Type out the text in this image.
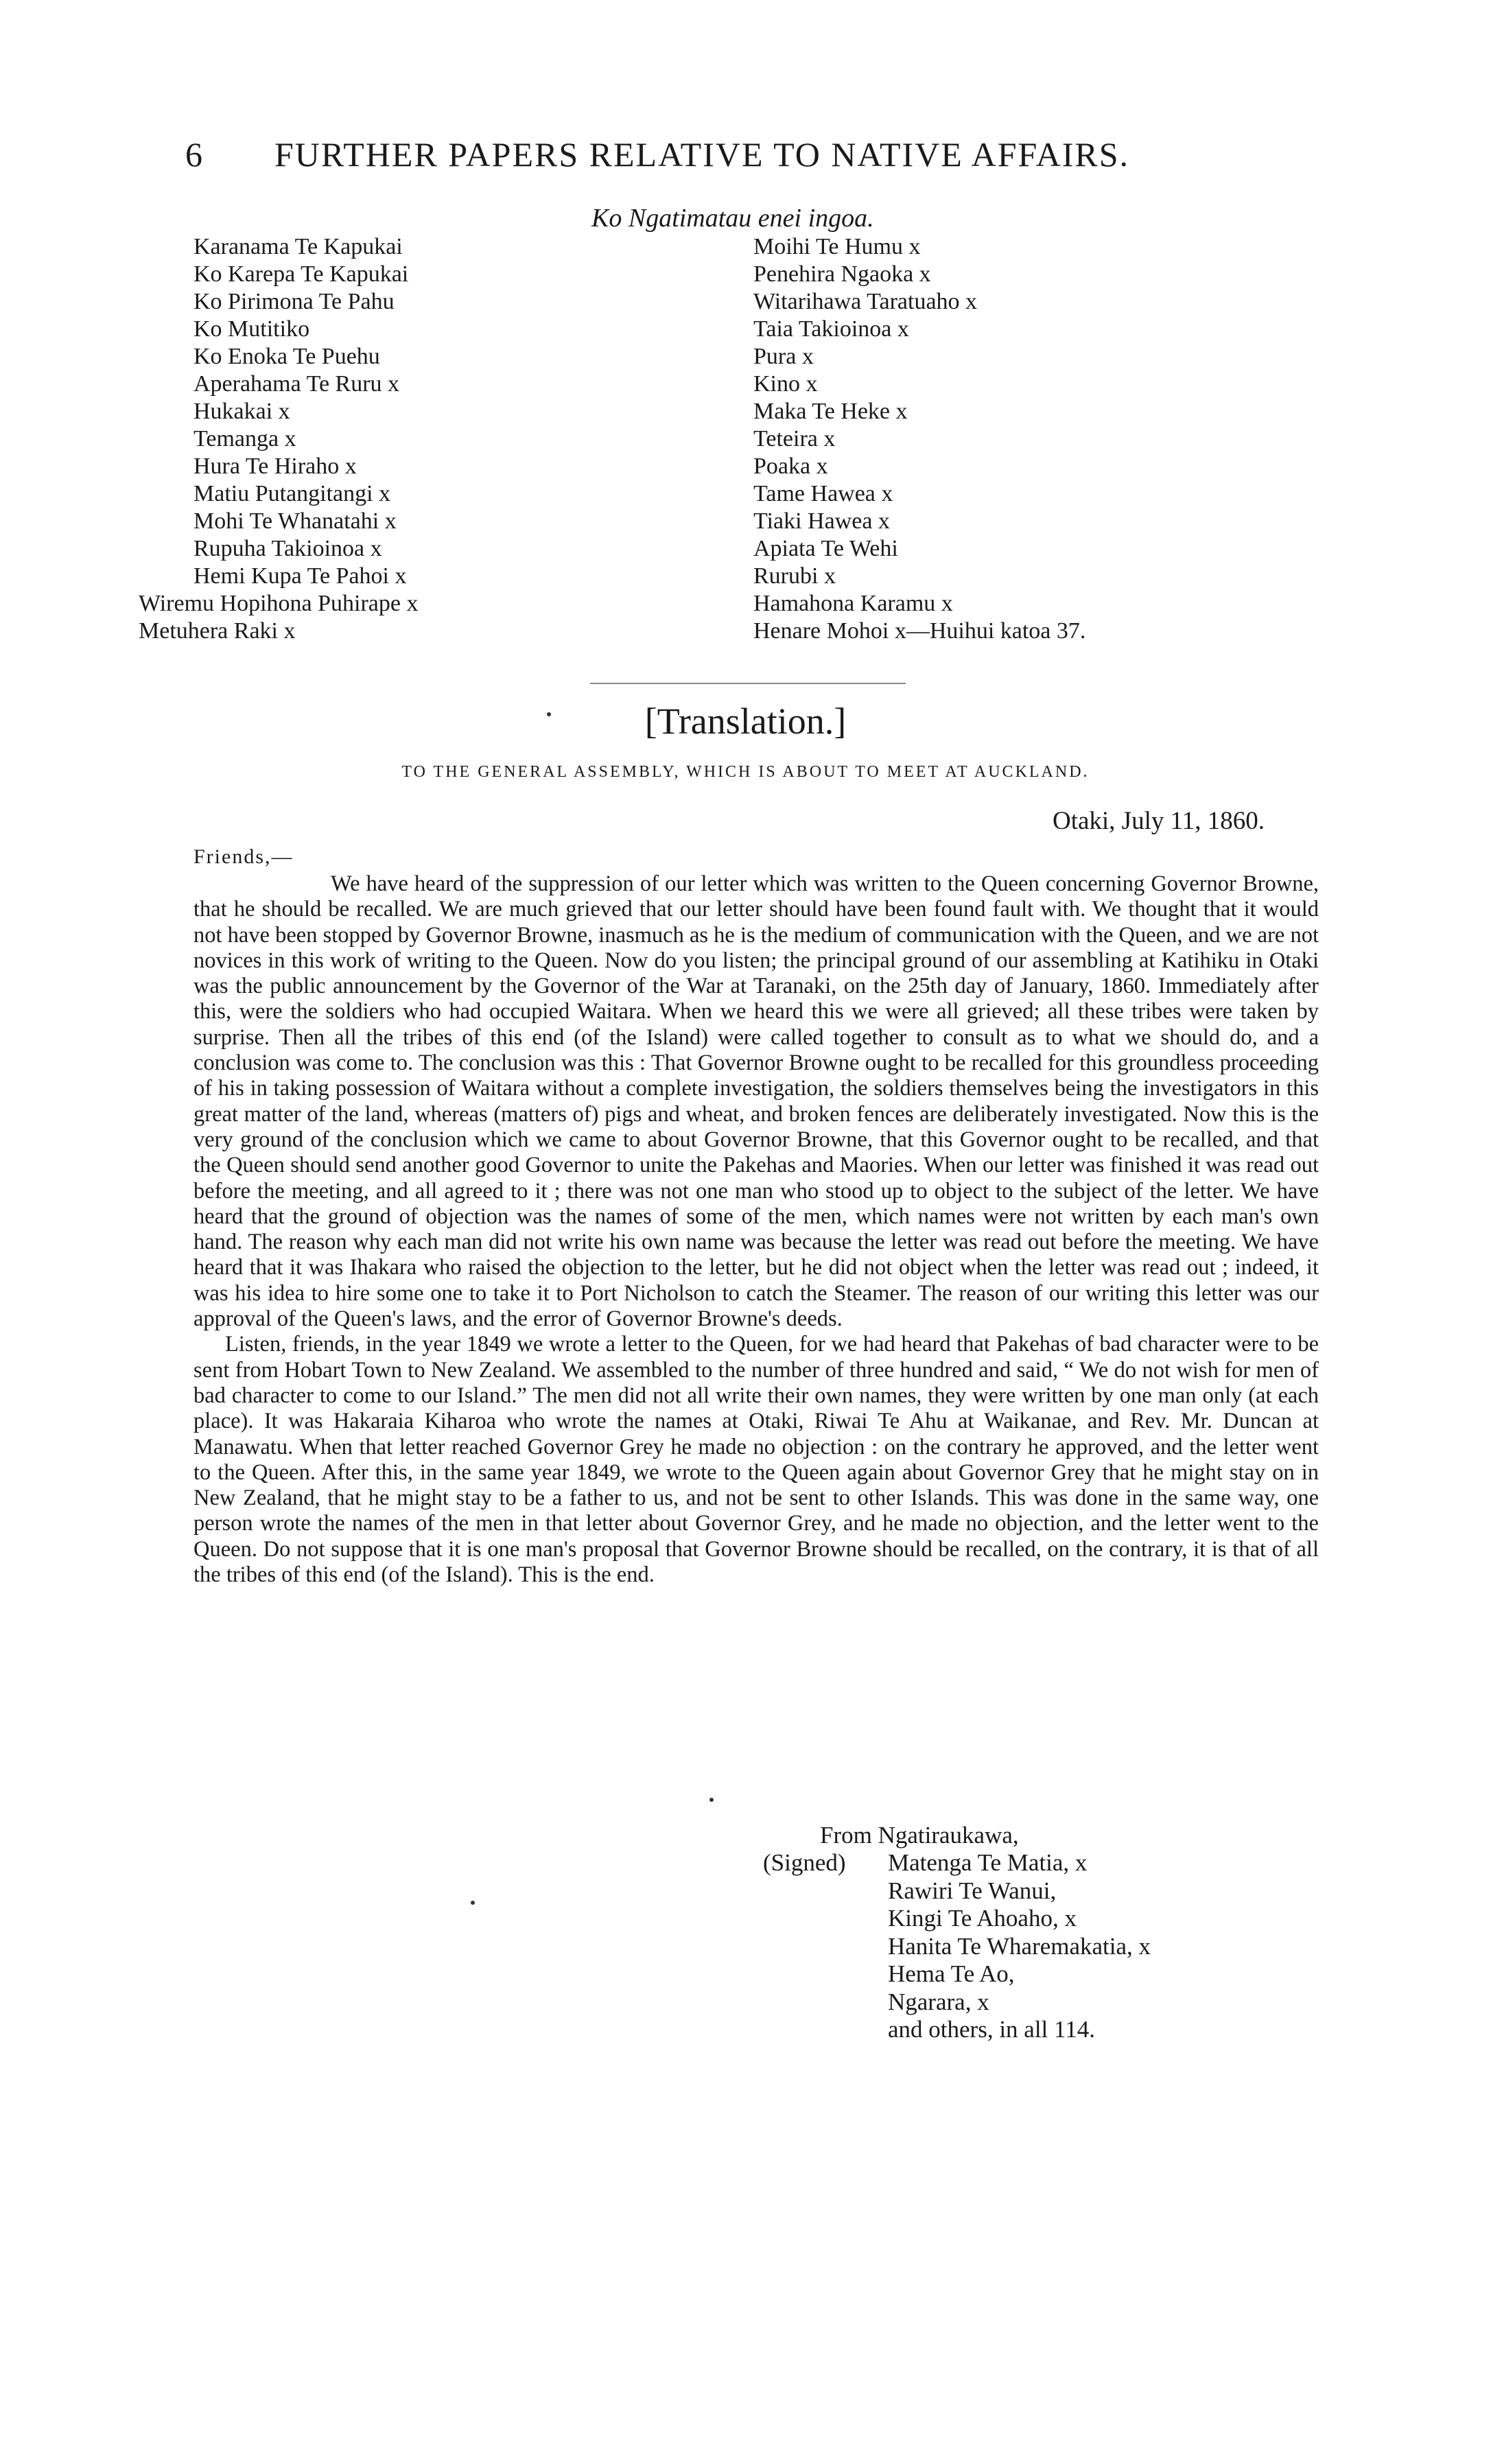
6 FURTHER PAPERS RELATIVE TO NATIVE AFFAIRS.
Ko Ngatimatau enei ingoa.
Karanama Te Kapukai
Ko Karepa Te Kapukai
Ko Pirimona Te Pahu
Ko Mutitiko
Ko Enoka Te Puehu
Aperahama Te Ruru x
Hukakai x
Temanga x
Hura Te Hiraho x
Matiu Putangitangi x
Mohi Te Whanatahi x
Rupuha Takioinoa x
Hemi Kupa Te Pahoi x
Wiremu Hopihona Puhirape x
Metuhera Raki x
Moihi Te Humu x
Penehira Ngaoka x
Witarihawa Taratuaho x
Taia Takioinoa x
Pura x
Kino x
Maka Te Heke x
Teteira x
Poaka x
Tame Hawea x
Tiaki Hawea x
Apiata Te Wehi
Rurubi x
Hamahona Karamu x
Henare Mohoi x—Huihui katoa 37.
[Translation.]
TO THE GENERAL ASSEMBLY, WHICH IS ABOUT TO MEET AT AUCKLAND.
Otaki, July 11, 1860.
Friends,—

We have heard of the suppression of our letter which was written to the Queen concerning Governor Browne, that he should be recalled. We are much grieved that our letter should have been found fault with. We thought that it would not have been stopped by Governor Browne, inasmuch as he is the medium of communication with the Queen, and we are not novices in this work of writing to the Queen. Now do you listen; the principal ground of our assembling at Katihiku in Otaki was the public announcement by the Governor of the War at Taranaki, on the 25th day of January, 1860. Immediately after this, were the soldiers who had occupied Waitara. When we heard this we were all grieved; all these tribes were taken by surprise. Then all the tribes of this end (of the Island) were called together to consult as to what we should do, and a conclusion was come to. The conclusion was this : That Governor Browne ought to be recalled for this groundless proceeding of his in taking possession of Waitara without a complete investigation, the soldiers themselves being the investigators in this great matter of the land, whereas (matters of) pigs and wheat, and broken fences are deliberately investigated. Now this is the very ground of the conclusion which we came to about Governor Browne, that this Governor ought to be recalled, and that the Queen should send another good Governor to unite the Pakehas and Maories. When our letter was finished it was read out before the meeting, and all agreed to it ; there was not one man who stood up to object to the subject of the letter. We have heard that the ground of objection was the names of some of the men, which names were not written by each man's own hand. The reason why each man did not write his own name was because the letter was read out before the meeting. We have heard that it was Ihakara who raised the objection to the letter, but he did not object when the letter was read out ; indeed, it was his idea to hire some one to take it to Port Nicholson to catch the Steamer. The reason of our writing this letter was our approval of the Queen's laws, and the error of Governor Browne's deeds.

Listen, friends, in the year 1849 we wrote a letter to the Queen, for we had heard that Pakehas of bad character were to be sent from Hobart Town to New Zealand. We assembled to the number of three hundred and said, “ We do not wish for men of bad character to come to our Island.” The men did not all write their own names, they were written by one man only (at each place). It was Hakaraia Kiharoa who wrote the names at Otaki, Riwai Te Ahu at Waikanae, and Rev. Mr. Duncan at Manawatu. When that letter reached Governor Grey he made no objection : on the contrary he approved, and the letter went to the Queen. After this, in the same year 1849, we wrote to the Queen again about Governor Grey that he might stay on in New Zealand, that he might stay to be a father to us, and not be sent to other Islands. This was done in the same way, one person wrote the names of the men in that letter about Governor Grey, and he made no objection, and the letter went to the Queen. Do not suppose that it is one man's proposal that Governor Browne should be recalled, on the contrary, it is that of all the tribes of this end (of the Island). This is the end.

From Ngatiraukawa,
(Signed) Matenga Te Matia, x
Rawiri Te Wanui,
Kingi Te Ahoaho, x
Hanita Te Wharemakatia, x
Hema Te Ao,
Ngarara, x
and others, in all 114.
